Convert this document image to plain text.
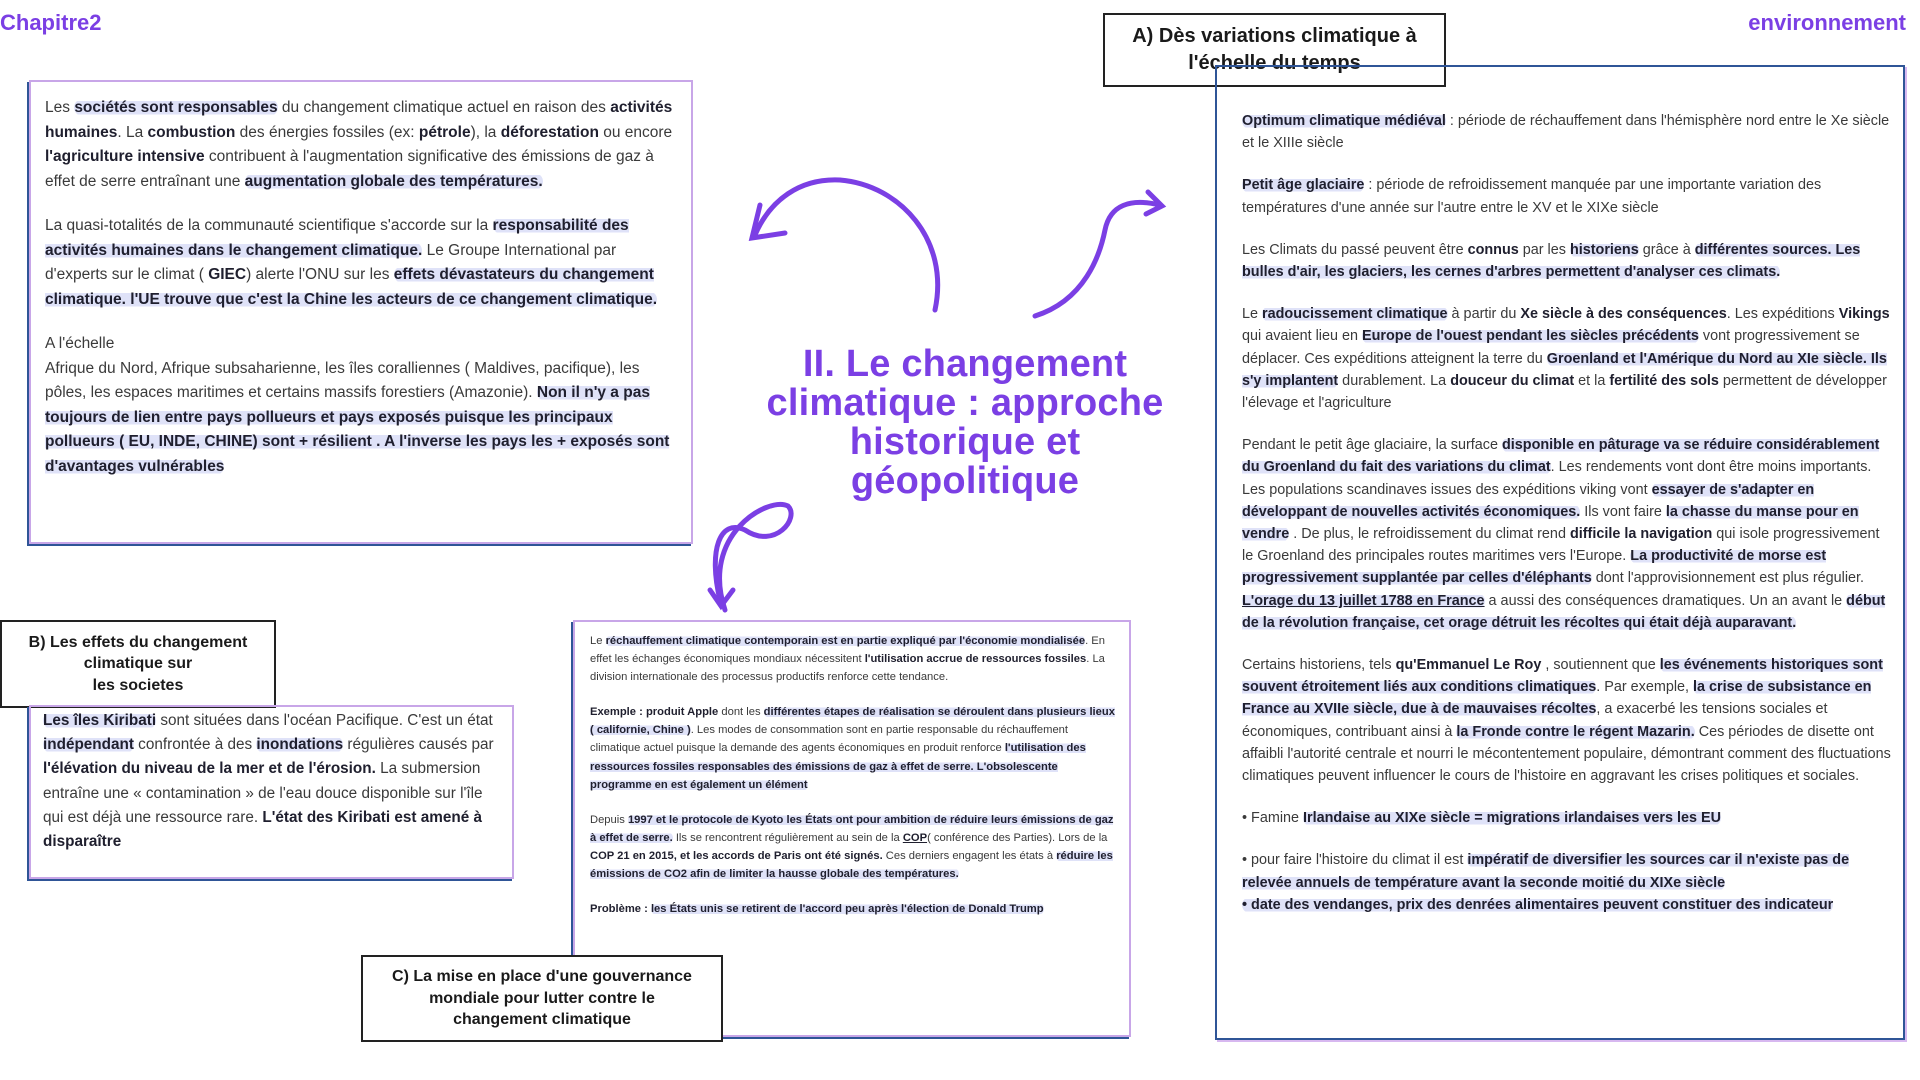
Chapitre2	environnement
II. Le changement
climatique : approche
historique et
géopolitique

Les sociétés sont responsables du changement climatique actuel en raison des activités humaines. La combustion des énergies fossiles (ex: pétrole), la déforestation ou encore l'agriculture intensive contribuent à l'augmentation significative des émissions de gaz à effet de serre entraînant une augmentation globale des températures.

La quasi-totalités de la communauté scientifique s'accorde sur la responsabilité des activités humaines dans le changement climatique. Le Groupe International par d'experts sur le climat ( GIEC) alerte l'ONU sur les effets dévastateurs du changement climatique. l'UE trouve que c'est la Chine les acteurs de ce changement climatique.

A l'échelle
Afrique du Nord, Afrique subsaharienne, les îles coralliennes ( Maldives, pacifique), les pôles, les espaces maritimes et certains massifs forestiers (Amazonie). Non il n'y a pas toujours de lien entre pays pollueurs et pays exposés puisque les principaux pollueurs ( EU, INDE, CHINE) sont + résilient . A l'inverse les pays les + exposés sont d'avantages vulnérables

A) Dès variations climatique à
l'échelle du temps

Optimum climatique médiéval : période de réchauffement dans l'hémisphère nord entre le Xe siècle et le XIIIe siècle

Petit âge glaciaire : période de refroidissement manquée par une importante variation des températures d'une année sur l'autre entre le XV et le XIXe siècle

Les Climats du passé peuvent être connus par les historiens grâce à différentes sources. Les bulles d'air, les glaciers, les cernes d'arbres permettent d'analyser ces climats.

Le radoucissement climatique à partir du Xe siècle à des conséquences. Les expéditions Vikings qui avaient lieu en Europe de l'ouest pendant les siècles précédents vont progressivement se déplacer. Ces expéditions atteignent la terre du Groenland et l'Amérique du Nord au XIe siècle. Ils s'y implantent durablement. La douceur du climat et la fertilité des sols permettent de développer l'élevage et l'agriculture

Pendant le petit âge glaciaire, la surface disponible en pâturage va se réduire considérablement du Groenland du fait des variations du climat. Les rendements vont dont être moins importants. Les populations scandinaves issues des expéditions viking vont essayer de s'adapter en développant de nouvelles activités économiques. Ils vont faire la chasse du manse pour en vendre . De plus, le refroidissement du climat rend difficile la navigation qui isole progressivement le Groenland des principales routes maritimes vers l'Europe. La productivité de morse est progressivement supplantée par celles d'éléphants dont l'approvisionnement est plus régulier. L'orage du 13 juillet 1788 en France a aussi des conséquences dramatiques. Un an avant le début de la révolution française, cet orage détruit les récoltes qui était déjà auparavant.

Certains historiens, tels qu'Emmanuel Le Roy , soutiennent que les événements historiques sont souvent étroitement liés aux conditions climatiques. Par exemple, la crise de subsistance en France au XVIIe siècle, due à de mauvaises récoltes, a exacerbé les tensions sociales et économiques, contribuant ainsi à la Fronde contre le régent Mazarin. Ces périodes de disette ont affaibli l'autorité centrale et nourri le mécontentement populaire, démontrant comment des fluctuations climatiques peuvent influencer le cours de l'histoire en aggravant les crises politiques et sociales.

• Famine Irlandaise au XIXe siècle = migrations irlandaises vers les EU

• pour faire l'histoire du climat il est impératif de diversifier les sources car il n'existe pas de relevée annuels de température avant la seconde moitié du XIXe siècle
• date des vendanges, prix des denrées alimentaires peuvent constituer des indicateur

B) Les effets du changement
climatique sur
les societes

Les îles Kiribati sont situées dans l'océan Pacifique. C'est un état indépendant confrontée à des inondations régulières causés par l'élévation du niveau de la mer et de l'érosion. La submersion entraîne une « contamination » de l'eau douce disponible sur l'île qui est déjà une ressource rare. L'état des Kiribati est amené à disparaître

Le réchauffement climatique contemporain est en partie expliqué par l'économie mondialisée. En effet les échanges économiques mondiaux nécessitent l'utilisation accrue de ressources fossiles. La division internationale des processus productifs renforce cette tendance.

Exemple : produit Apple dont les différentes étapes de réalisation se déroulent dans plusieurs lieux ( californie, Chine ). Les modes de consommation sont en partie responsable du réchauffement climatique actuel puisque la demande des agents économiques en produit renforce l'utilisation des ressources fossiles responsables des émissions de gaz à effet de serre. L'obsolescente programme en est également un élément

Depuis 1997 et le protocole de Kyoto les États ont pour ambition de réduire leurs émissions de gaz à effet de serre. Ils se rencontrent régulièrement au sein de la COP( conférence des Parties). Lors de la COP 21 en 2015, et les accords de Paris ont été signés. Ces derniers engagent les états à réduire les émissions de CO2 afin de limiter la hausse globale des températures.

Problème : les États unis se retirent de l'accord peu après l'élection de Donald Trump

C) La mise en place d'une gouvernance
mondiale pour lutter contre le
changement climatique
